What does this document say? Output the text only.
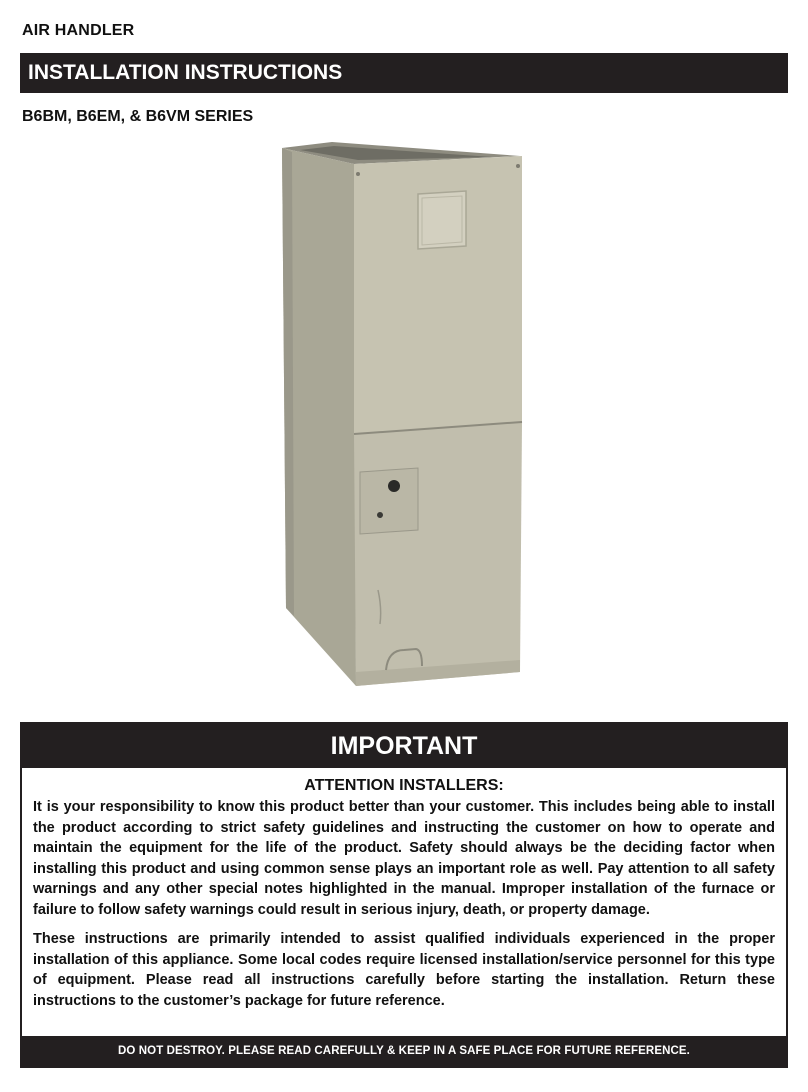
AIR HANDLER
INSTALLATION INSTRUCTIONS
B6BM, B6EM, & B6VM SERIES
IMPORTANT
ATTENTION INSTALLERS:

It is your responsibility to know this product better than your customer. This includes being able to install the product according to strict safety guidelines and instructing the customer on how to operate and maintain the equipment for the life of the product. Safety should always be the deciding factor when installing this product and using common sense plays an important role as well. Pay attention to all safety warnings and any other special notes highlighted in the manual. Improper installation of the furnace or failure to follow safety warnings could result in serious injury, death, or property damage.

These instructions are primarily intended to assist qualified individuals experienced in the proper installation of this appliance. Some local codes require licensed installation/service personnel for this type of equipment. Please read all instructions carefully before starting the installation. Return these instructions to the customer’s package for future reference.

DO NOT DESTROY. PLEASE READ CAREFULLY & KEEP IN A SAFE PLACE FOR FUTURE REFERENCE.
